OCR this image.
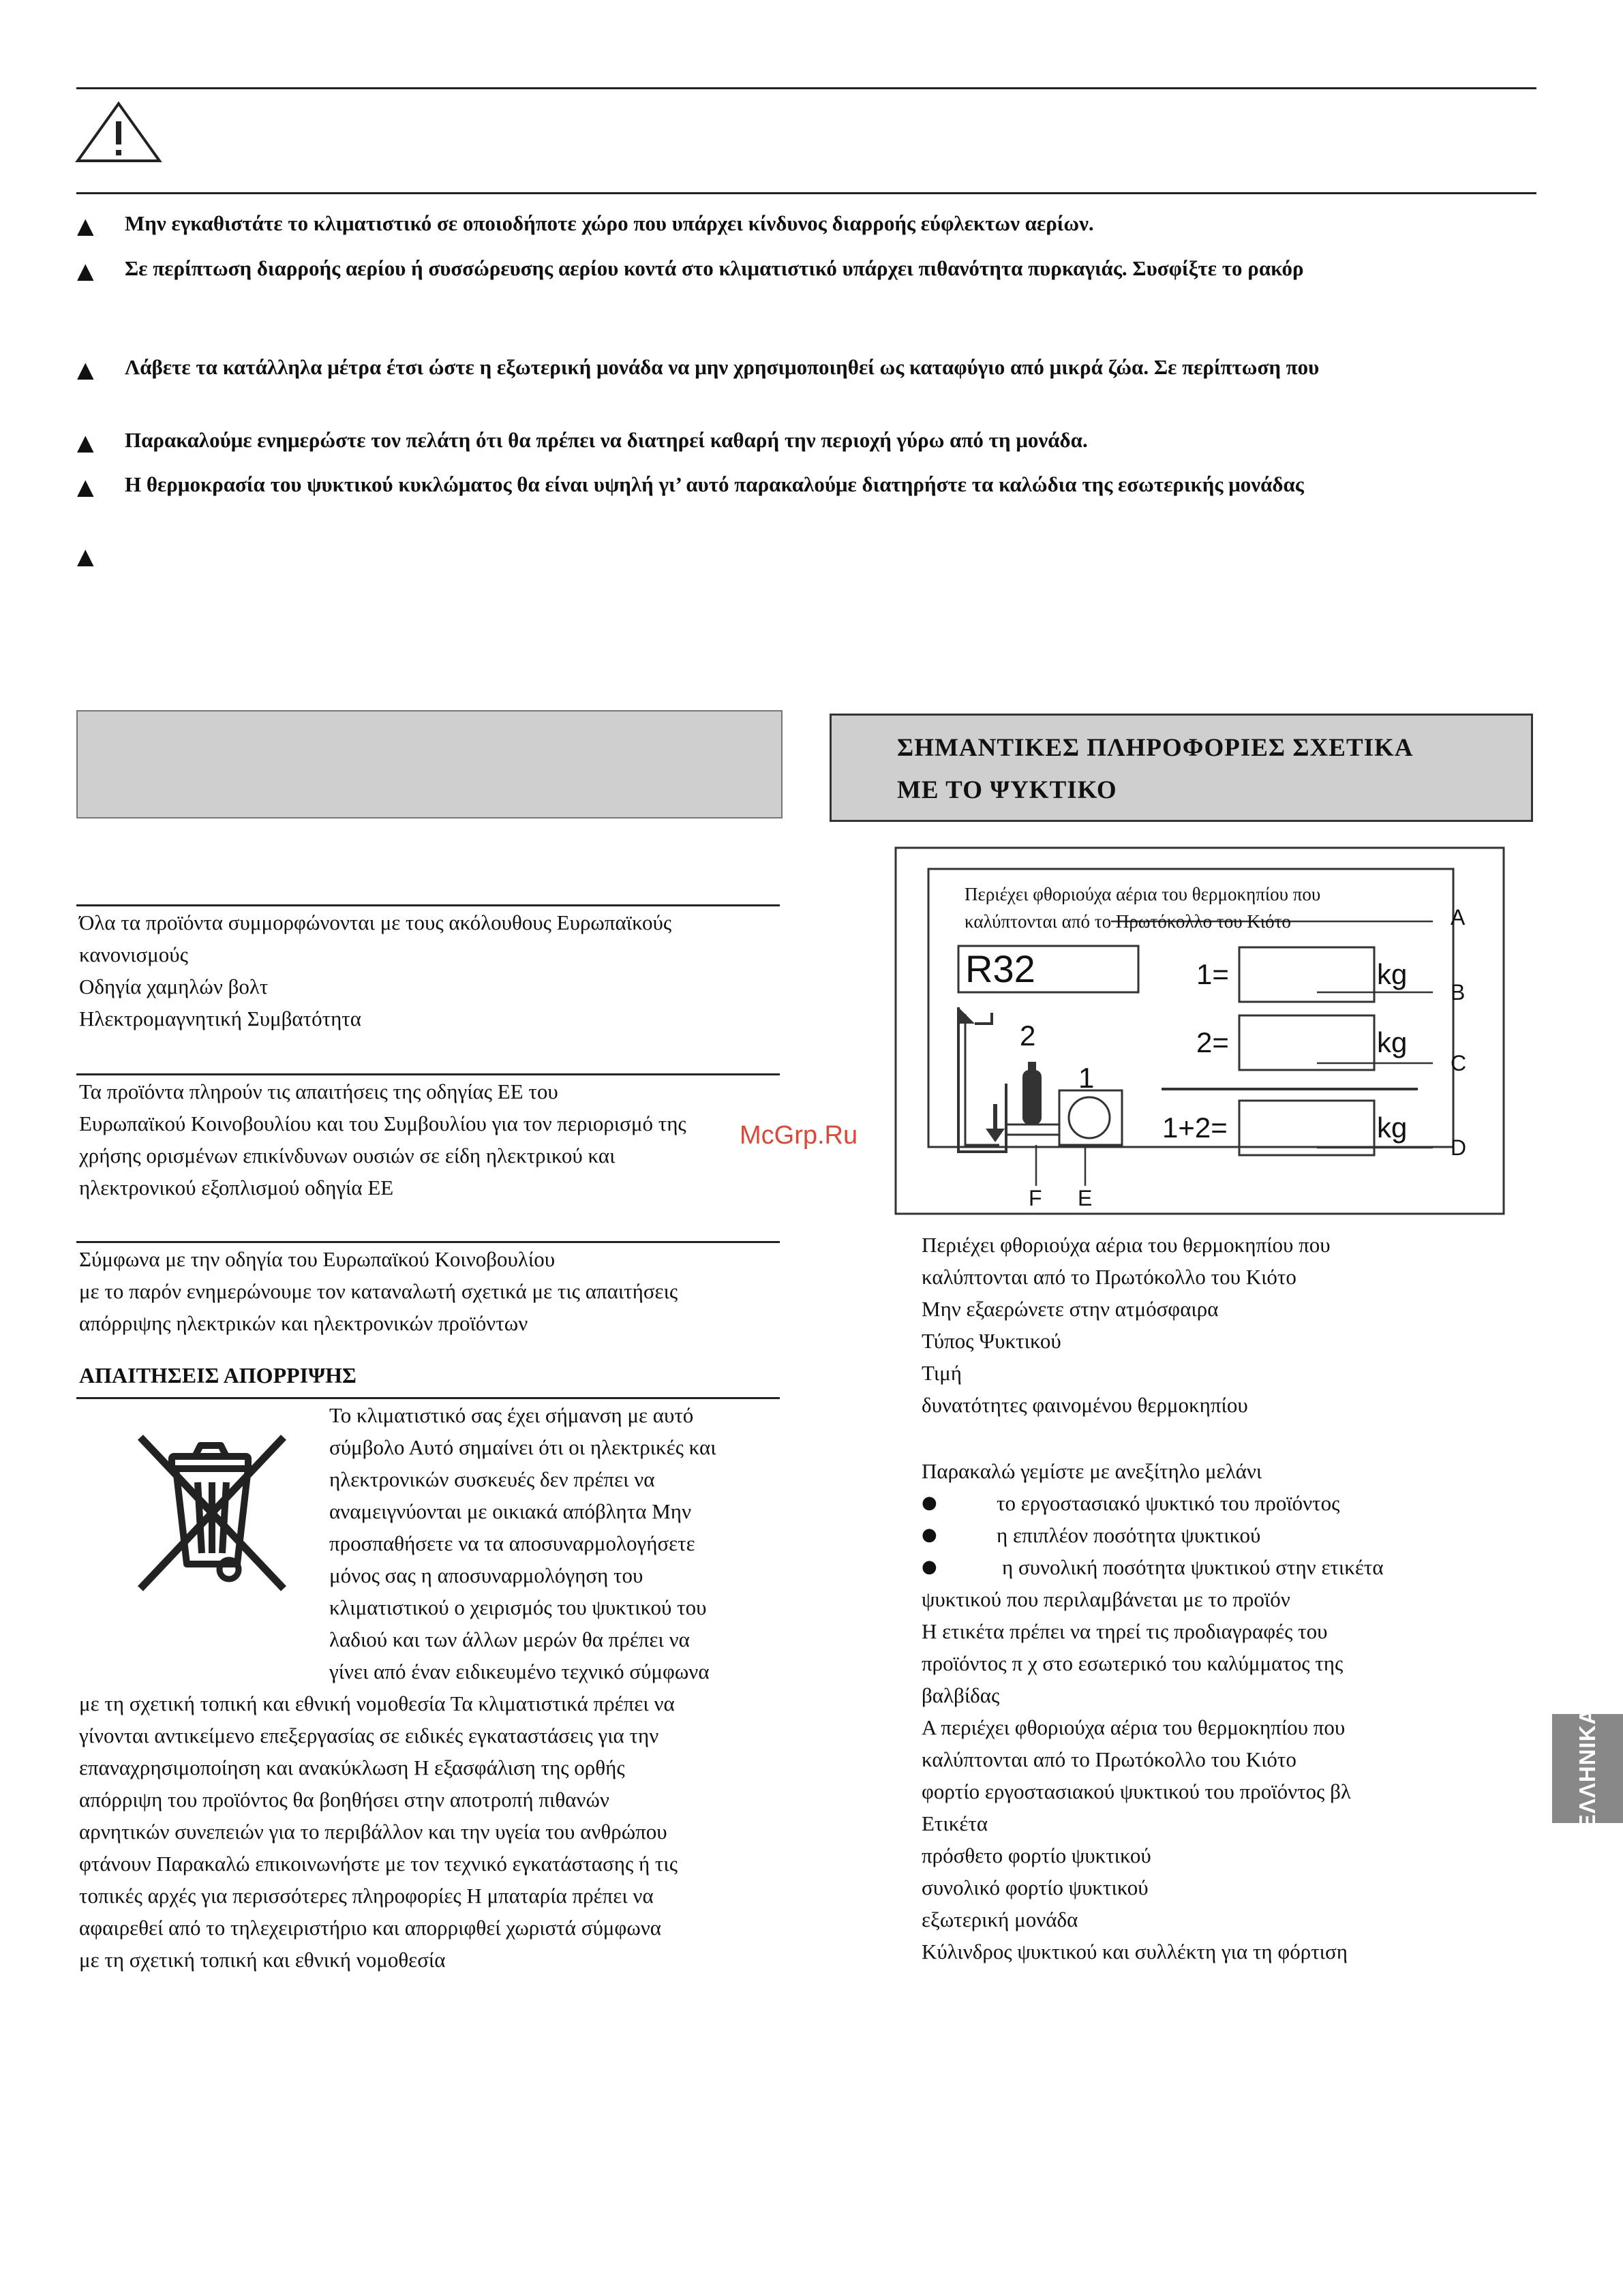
▲ Μην εγκαθιστάτε το κλιματιστικό σε οποιοδήποτε χώρο που υπάρχει κίνδυνος διαρροής εύφλεκτων αερίων.
▲ Σε περίπτωση διαρροής αερίου ή συσσώρευσης αερίου κοντά στο κλιματιστικό υπάρχει πιθανότητα πυρκαγιάς. Συσφίξτε το ρακόρ
▲ Λάβετε τα κατάλληλα μέτρα έτσι ώστε η εξωτερική μονάδα να μην χρησιμοποιηθεί ως καταφύγιο από μικρά ζώα. Σε περίπτωση που
▲ Παρακαλούμε ενημερώστε τον πελάτη ότι θα πρέπει να διατηρεί καθαρή την περιοχή γύρω από τη μονάδα.
▲ Η θερμοκρασία του ψυκτικού κυκλώματος θα είναι υψηλή γι’ αυτό παρακαλούμε διατηρήστε τα καλώδια της εσωτερικής μονάδας
▲
ΣΗΜΑΝΤΙΚΕΣ ΠΛΗΡΟΦΟΡΙΕΣ ΣΧΕΤΙΚΑ
ΜΕ ΤΟ ΨΥΚΤΙΚΟ
Όλα τα προϊόντα συμμορφώνονται με τους ακόλουθους Ευρωπαϊκούς
κανονισμούς
Οδηγία χαμηλών βολτ
Ηλεκτρομαγνητική Συμβατότητα
Τα προϊόντα πληρούν τις απαιτήσεις της οδηγίας ΕΕ του
Ευρωπαϊκού Κοινοβουλίου και του Συμβουλίου για τον περιορισμό της
χρήσης ορισμένων επικίνδυνων ουσιών σε είδη ηλεκτρικού και
ηλεκτρονικού εξοπλισμού οδηγία ΕΕ
Σύμφωνα με την οδηγία του Ευρωπαϊκού Κοινοβουλίου
με το παρόν ενημερώνουμε τον καταναλωτή σχετικά με τις απαιτήσεις
απόρριψης ηλεκτρικών και ηλεκτρονικών προϊόντων
ΑΠΑΙΤΗΣΕΙΣ ΑΠΟΡΡΙΨΗΣ
Το κλιματιστικό σας έχει σήμανση με αυτό
σύμβολο Αυτό σημαίνει ότι οι ηλεκτρικές και
ηλεκτρονικών συσκευές δεν πρέπει να
αναμειγνύονται με οικιακά απόβλητα Μην
προσπαθήσετε να τα αποσυναρμολογήσετε
μόνος σας η αποσυναρμολόγηση του
κλιματιστικού ο χειρισμός του ψυκτικού του
λαδιού και των άλλων μερών θα πρέπει να
γίνει από έναν ειδικευμένο τεχνικό σύμφωνα
με τη σχετική τοπική και εθνική νομοθεσία Τα κλιματιστικά πρέπει να
γίνονται αντικείμενο επεξεργασίας σε ειδικές εγκαταστάσεις για την
επαναχρησιμοποίηση και ανακύκλωση Η εξασφάλιση της ορθής
απόρριψη του προϊόντος θα βοηθήσει στην αποτροπή πιθανών
αρνητικών συνεπειών για το περιβάλλον και την υγεία του ανθρώπου
φτάνουν Παρακαλώ επικοινωνήστε με τον τεχνικό εγκατάστασης ή τις
τοπικές αρχές για περισσότερες πληροφορίες Η μπαταρία πρέπει να
αφαιρεθεί από το τηλεχειριστήριο και απορριφθεί χωριστά σύμφωνα
με τη σχετική τοπική και εθνική νομοθεσία
Περιέχει φθοριούχα αέρια του θερμοκηπίου που
καλύπτονται από το Πρωτόκολλο του Κιότο
R32	1=
2=
1+2=
kg
kg
kg
2
1
A
B
C
D
F E
McGrp.Ru
Περιέχει φθοριούχα αέρια του θερμοκηπίου που
καλύπτονται από το Πρωτόκολλο του Κιότο
Μην εξαερώνετε στην ατμόσφαιρα
Τύπος Ψυκτικού
Τιμή
δυνατότητες φαινομένου θερμοκηπίου
Παρακαλώ γεμίστε με ανεξίτηλο μελάνι
●	το εργοστασιακό ψυκτικό του προϊόντος
●	η επιπλέον ποσότητα ψυκτικού
●	η συνολική ποσότητα ψυκτικού στην ετικέτα
ψυκτικού που περιλαμβάνεται με το προϊόν
Η ετικέτα πρέπει να τηρεί τις προδιαγραφές του
προϊόντος π χ στο εσωτερικό του καλύμματος της
βαλβίδας
Α περιέχει φθοριούχα αέρια του θερμοκηπίου που
καλύπτονται από το Πρωτόκολλο του Κιότο
φορτίο εργοστασιακού ψυκτικού του προϊόντος βλ
Ετικέτα
πρόσθετο φορτίο ψυκτικού
συνολικό φορτίο ψυκτικού
εξωτερική μονάδα
Κύλινδρος ψυκτικού και συλλέκτη για τη φόρτιση
ΕΛΛΗΝΙΚΑ
